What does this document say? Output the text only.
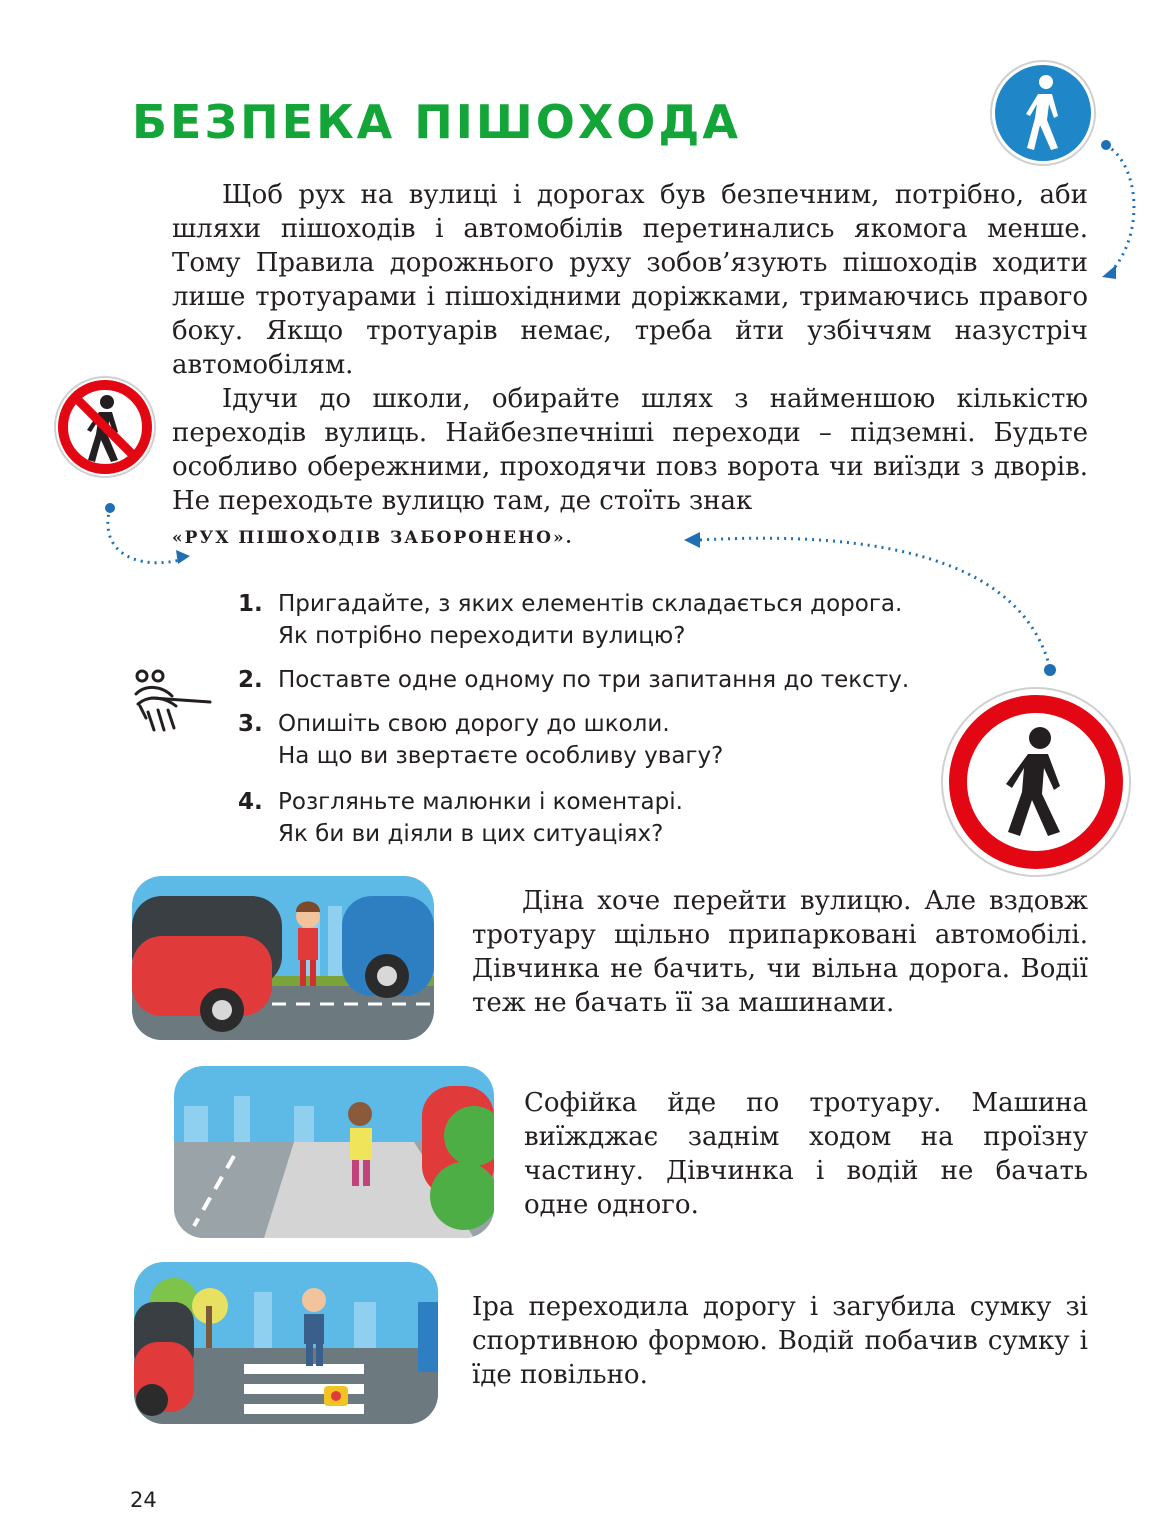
БЕЗПЕКА ПІШОХОДА

Щоб рух на вулиці і дорогах був безпечним, потрібно, аби шляхи пішоходів і автомобілів перетинались якомога менше. Тому Правила дорожнього руху зобов’язують пішоходів ходити лише тротуарами і пішохідними доріжками, тримаючись правого боку. Якщо тротуарів немає, треба йти узбіччям назустріч автомобілям.

Ідучи до школи, обирайте шлях з найменшою кількістю переходів вулиць. Найбезпечніші переходи – підземні. Будьте особливо обережними, проходячи повз ворота чи виїзди з дворів. Не переходьте вулицю там, де стоїть знак

«РУХ ПІШОХОДІВ ЗАБОРОНЕНО».
1. Пригадайте, з яких елементів складається дорога.
Як потрібно переходити вулицю?
2. Поставте одне одному по три запитання до тексту.
3. Опишіть свою дорогу до школи.
На що ви звертаєте особливу увагу?
4. Розгляньте малюнки і коментарі.
Як би ви діяли в цих ситуаціях?

Діна хоче перейти вулицю. Але вздовж тротуару щільно припарковані автомобілі. Дівчинка не бачить, чи вільна дорога. Водії теж не бачать її за машинами.

Софійка йде по тротуару. Машина виїжджає заднім ходом на проїзну частину. Дівчинка і водій не бачать одне одного.

Іра переходила дорогу і загубила сумку зі спортивною формою. Водій побачив сумку і їде повільно.

24
